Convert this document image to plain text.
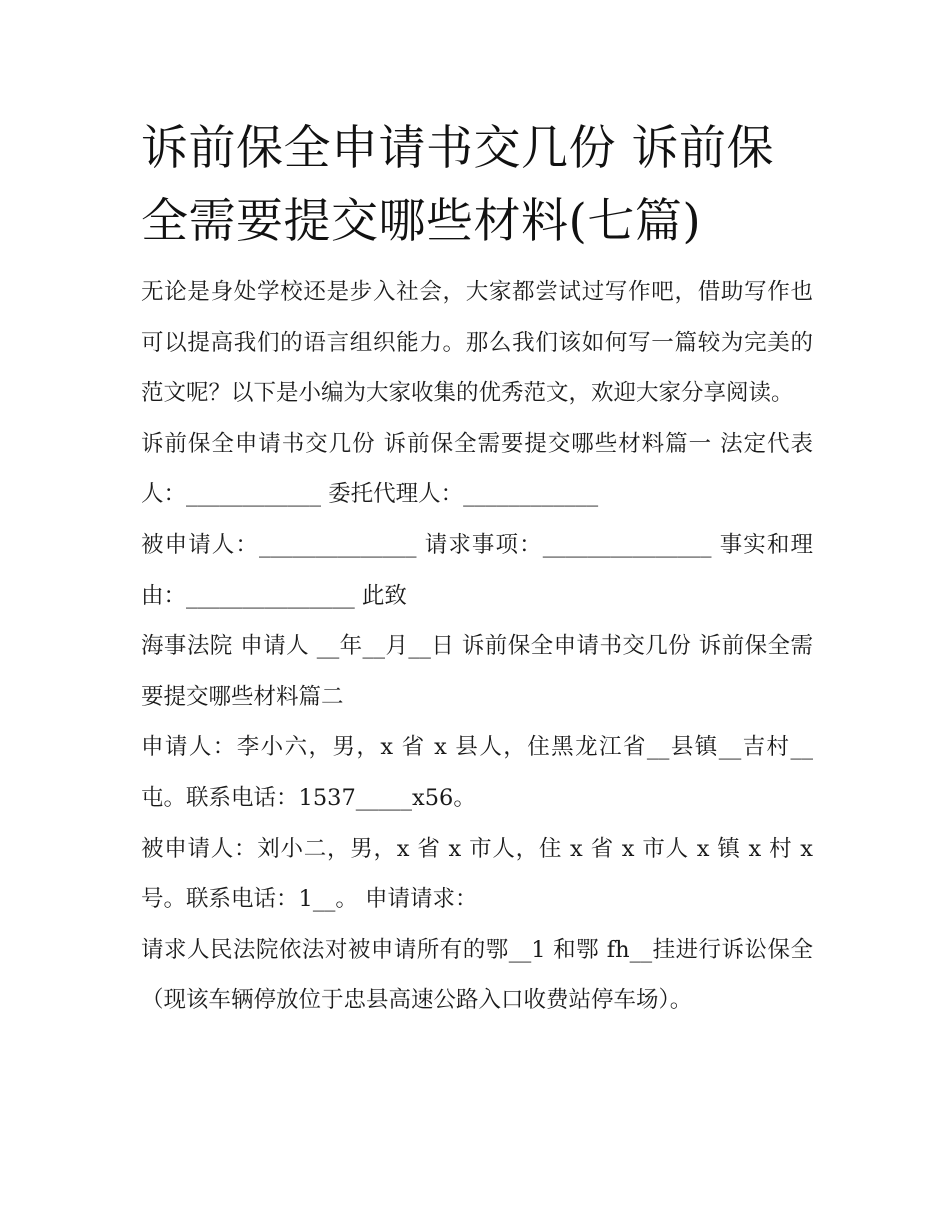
诉前保全申请书交几份 诉前保全需要提交哪些材料(七篇)

无论是身处学校还是步入社会，大家都尝试过写作吧，借助写作也可以提高我们的语言组织能力。那么我们该如何写一篇较为完美的范文呢？以下是小编为大家收集的优秀范文，欢迎大家分享阅读。

诉前保全申请书交几份 诉前保全需要提交哪些材料篇一 法定代表人：____________ 委托代理人：____________

被申请人：______________ 请求事项：_______________ 事实和理由：_______________ 此致

海事法院 申请人 __年__月__日 诉前保全申请书交几份 诉前保全需要提交哪些材料篇二

申请人：李小六，男，x 省 x 县人，住黑龙江省__县镇__吉村__屯。联系电话：1537_____x56。

被申请人：刘小二，男，x 省 x 市人，住 x 省 x 市人 x 镇 x 村 x 号。联系电话：1__。 申请请求：

请求人民法院依法对被申请所有的鄂__1 和鄂 fh__挂进行诉讼保全（现该车辆停放位于忠县高速公路入口收费站停车场）。
